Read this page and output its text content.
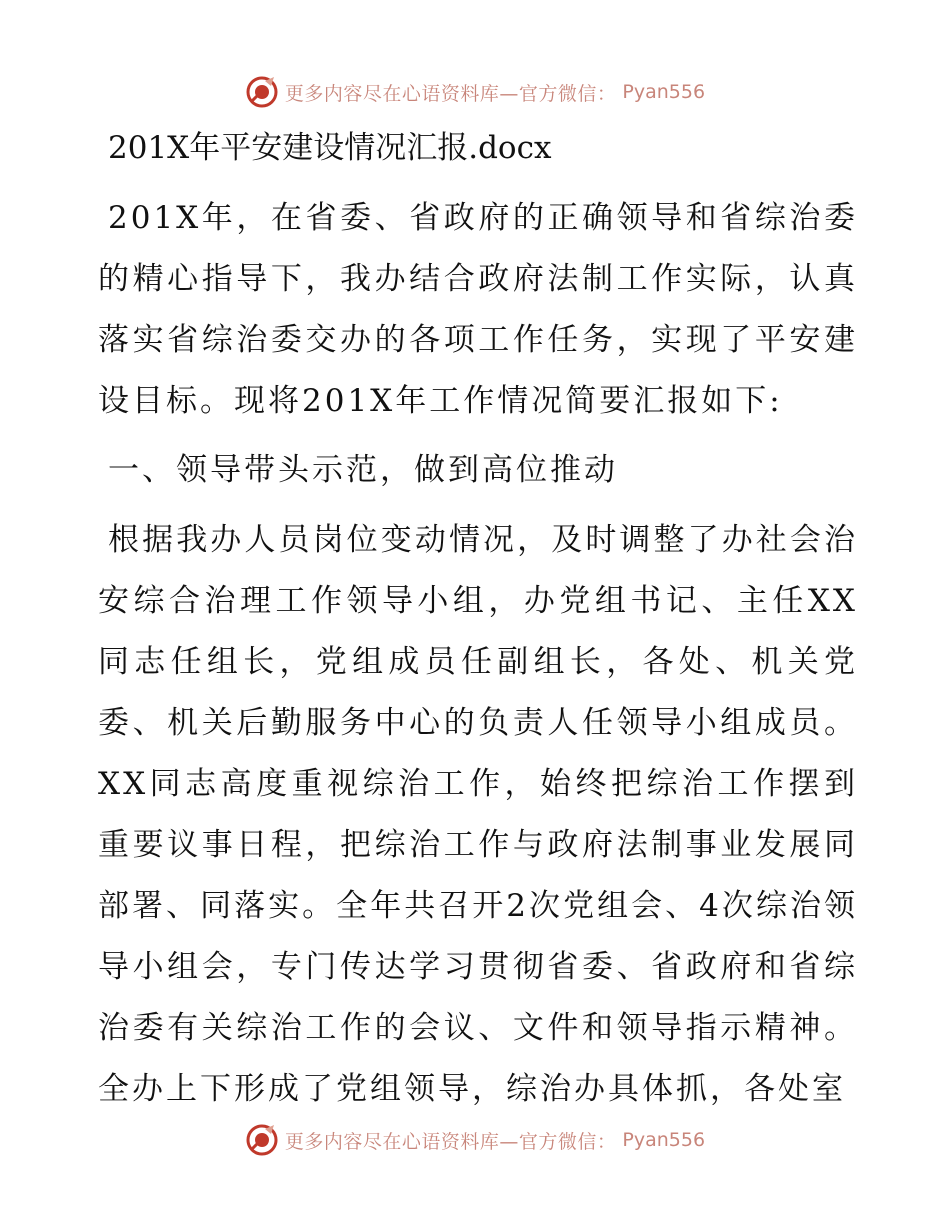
更多内容尽在心语资料库—官方微信： Pyan556
201X年平安建设情况汇报.docx

201X年，在省委、省政府的正确领导和省综治委的精心指导下，我办结合政府法制工作实际，认真落实省综治委交办的各项工作任务，实现了平安建设目标。现将201X年工作情况简要汇报如下:

一、领导带头示范，做到高位推动

根据我办人员岗位变动情况，及时调整了办社会治安综合治理工作领导小组，办党组书记、主任XX同志任组长，党组成员任副组长，各处、机关党委、机关后勤服务中心的负责人任领导小组成员。XX同志高度重视综治工作，始终把综治工作摆到重要议事日程，把综治工作与政府法制事业发展同部署、同落实。全年共召开2次党组会、4次综治领导小组会，专门传达学习贯彻省委、省政府和省综治委有关综治工作的会议、文件和领导指示精神。全办上下形成了党组领导，综治办具体抓，各处室

更多内容尽在心语资料库—官方微信： Pyan556
